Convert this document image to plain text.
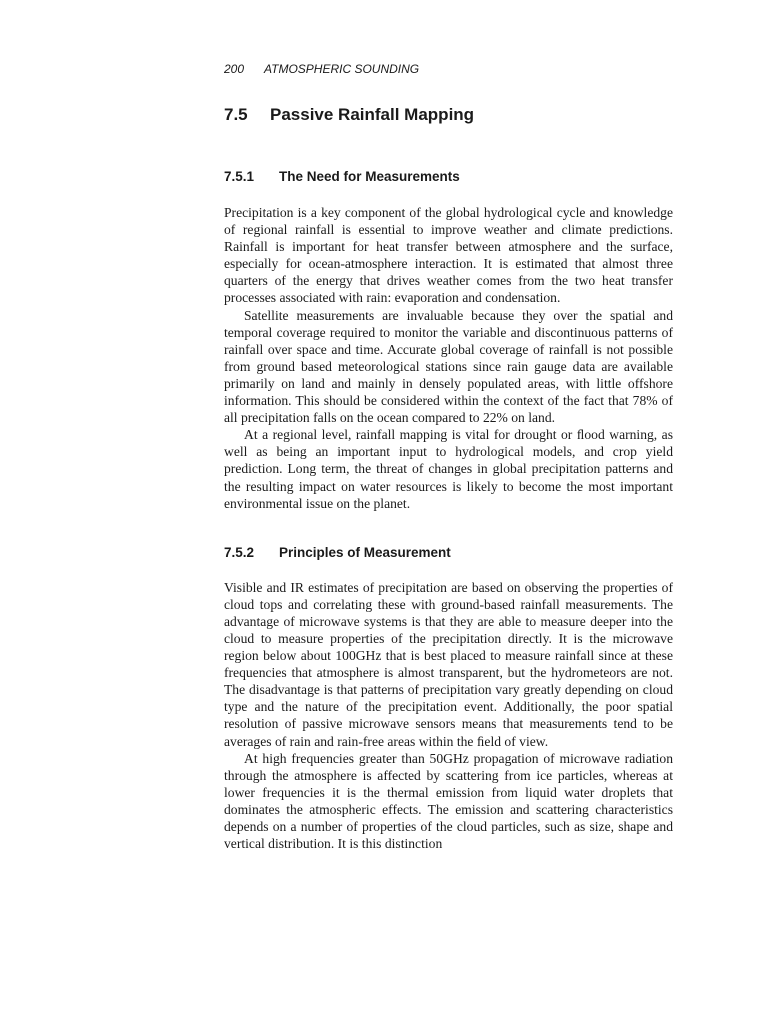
200 ATMOSPHERIC SOUNDING
7.5 Passive Rainfall Mapping
7.5.1 The Need for Measurements

Precipitation is a key component of the global hydrological cycle and knowledge of regional rainfall is essential to improve weather and climate predictions. Rainfall is important for heat transfer between atmosphere and the surface, especially for ocean-atmosphere interaction. It is estimated that almost three quarters of the energy that drives weather comes from the two heat transfer processes associated with rain: evaporation and condensation.

Satellite measurements are invaluable because they over the spatial and temporal coverage required to monitor the variable and discontinuous patterns of rainfall over space and time. Accurate global coverage of rainfall is not possible from ground based meteorological stations since rain gauge data are available primarily on land and mainly in densely populated areas, with little offshore information. This should be considered within the context of the fact that 78% of all precipitation falls on the ocean compared to 22% on land.

At a regional level, rainfall mapping is vital for drought or ﬂood warning, as well as being an important input to hydrological models, and crop yield prediction. Long term, the threat of changes in global precipitation patterns and the resulting impact on water resources is likely to become the most important environmental issue on the planet.

7.5.2 Principles of Measurement

Visible and IR estimates of precipitation are based on observing the properties of cloud tops and correlating these with ground-based rainfall measurements. The advantage of microwave systems is that they are able to measure deeper into the cloud to measure properties of the precipitation directly. It is the microwave region below about 100GHz that is best placed to measure rainfall since at these frequencies that atmosphere is almost transparent, but the hydrometeors are not. The disadvantage is that patterns of precipitation vary greatly depending on cloud type and the nature of the precipitation event. Additionally, the poor spatial resolution of passive microwave sensors means that measurements tend to be averages of rain and rain-free areas within the ﬁeld of view.

At high frequencies greater than 50GHz propagation of microwave radiation through the atmosphere is affected by scattering from ice particles, whereas at lower frequencies it is the thermal emission from liquid water droplets that dominates the atmospheric effects. The emission and scattering characteristics depends on a number of properties of the cloud particles, such as size, shape and vertical distribution. It is this distinction
